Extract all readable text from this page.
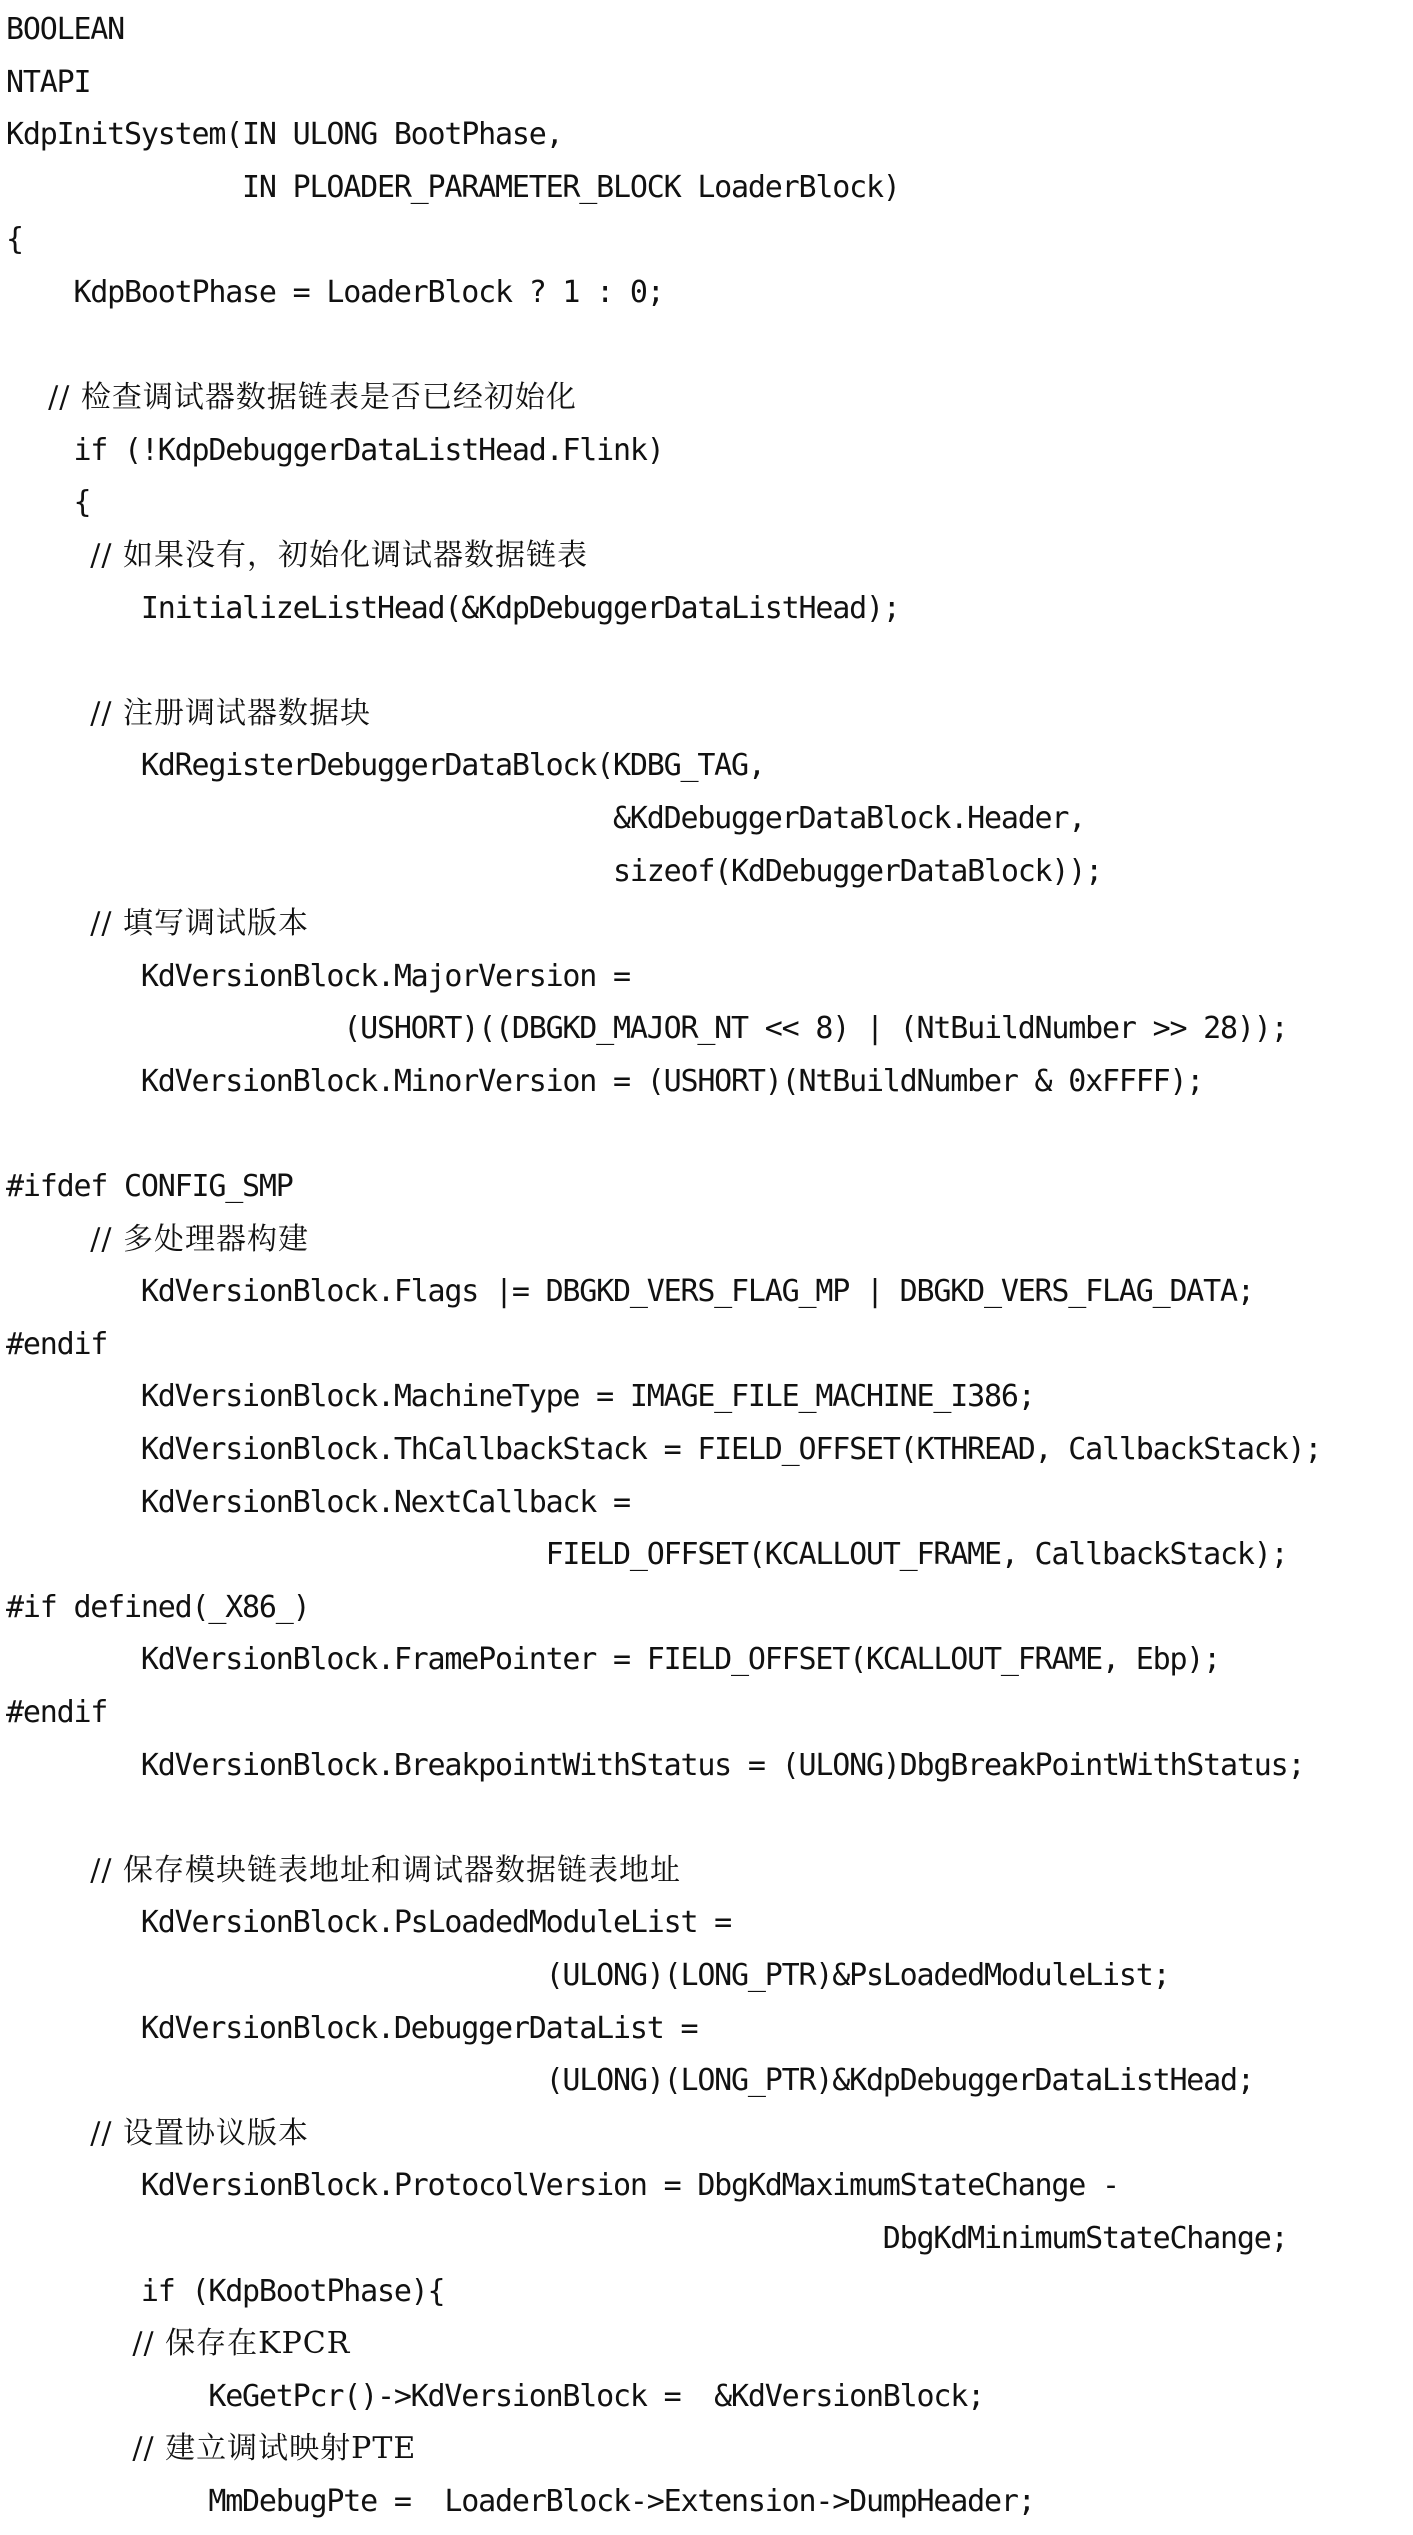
BOOLEAN
NTAPI
KdpInitSystem(IN ULONG BootPhase,
IN PLOADER_PARAMETER_BLOCK LoaderBlock)
{
KdpBootPhase = LoaderBlock ? 1 : 0;
// 检查调试器数据链表是否已经初始化
if (!KdpDebuggerDataListHead.Flink)
{
// 如果没有，初始化调试器数据链表
InitializeListHead(&KdpDebuggerDataListHead);
// 注册调试器数据块
KdRegisterDebuggerDataBlock(KDBG_TAG,
&KdDebuggerDataBlock.Header,
sizeof(KdDebuggerDataBlock));
// 填写调试版本
KdVersionBlock.MajorVersion =
(USHORT)((DBGKD_MAJOR_NT << 8) | (NtBuildNumber >> 28));
KdVersionBlock.MinorVersion = (USHORT)(NtBuildNumber & 0xFFFF);
#ifdef CONFIG_SMP
// 多处理器构建
KdVersionBlock.Flags |= DBGKD_VERS_FLAG_MP | DBGKD_VERS_FLAG_DATA;
#endif
KdVersionBlock.MachineType = IMAGE_FILE_MACHINE_I386;
KdVersionBlock.ThCallbackStack = FIELD_OFFSET(KTHREAD, CallbackStack);
KdVersionBlock.NextCallback =
FIELD_OFFSET(KCALLOUT_FRAME, CallbackStack);
#if defined(_X86_)
KdVersionBlock.FramePointer = FIELD_OFFSET(KCALLOUT_FRAME, Ebp);
#endif
KdVersionBlock.BreakpointWithStatus = (ULONG)DbgBreakPointWithStatus;
// 保存模块链表地址和调试器数据链表地址
KdVersionBlock.PsLoadedModuleList =
(ULONG)(LONG_PTR)&PsLoadedModuleList;
KdVersionBlock.DebuggerDataList =
(ULONG)(LONG_PTR)&KdpDebuggerDataListHead;
// 设置协议版本
KdVersionBlock.ProtocolVersion = DbgKdMaximumStateChange -
DbgKdMinimumStateChange;
if (KdpBootPhase){
// 保存在KPCR
KeGetPcr()->KdVersionBlock =  &KdVersionBlock;
// 建立调试映射PTE
MmDebugPte =  LoaderBlock->Extension->DumpHeader;
